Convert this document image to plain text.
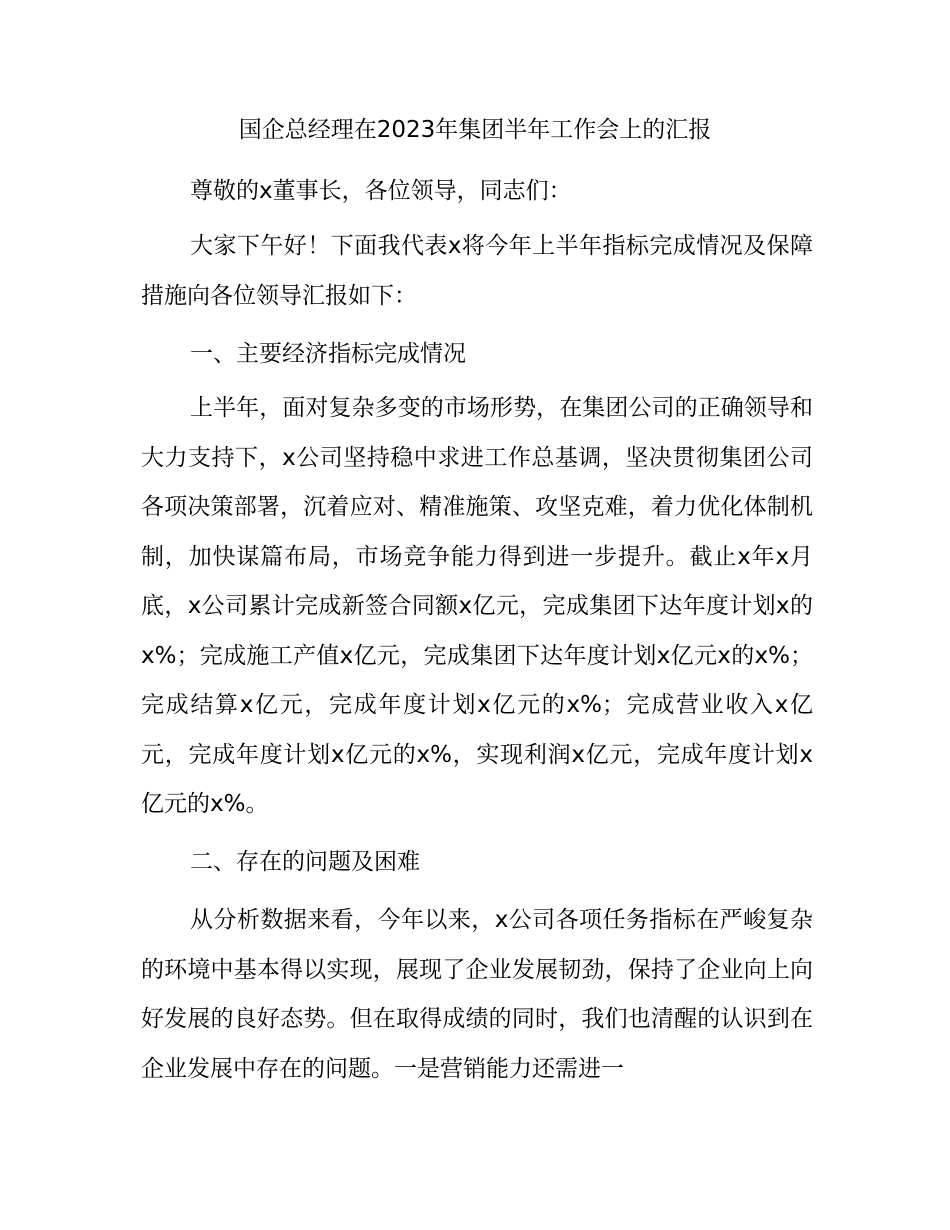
国企总经理在2023年集团半年工作会上的汇报

尊敬的x董事长，各位领导，同志们：

大家下午好！下面我代表x将今年上半年指标完成情况及保障措施向各位领导汇报如下：

一、主要经济指标完成情况

上半年，面对复杂多变的市场形势，在集团公司的正确领导和大力支持下，x公司坚持稳中求进工作总基调，坚决贯彻集团公司各项决策部署，沉着应对、精准施策、攻坚克难，着力优化体制机制，加快谋篇布局，市场竞争能力得到进一步提升。截止x年x月底，x公司累计完成新签合同额x亿元，完成集团下达年度计划x的x%；完成施工产值x亿元，完成集团下达年度计划x亿元x的x%；完成结算x亿元，完成年度计划x亿元的x%；完成营业收入x亿元，完成年度计划x亿元的x%，实现利润x亿元，完成年度计划x亿元的x%。

二、存在的问题及困难

从分析数据来看，今年以来，x公司各项任务指标在严峻复杂的环境中基本得以实现，展现了企业发展韧劲，保持了企业向上向好发展的良好态势。但在取得成绩的同时，我们也清醒的认识到在企业发展中存在的问题。一是营销能力还需进一
